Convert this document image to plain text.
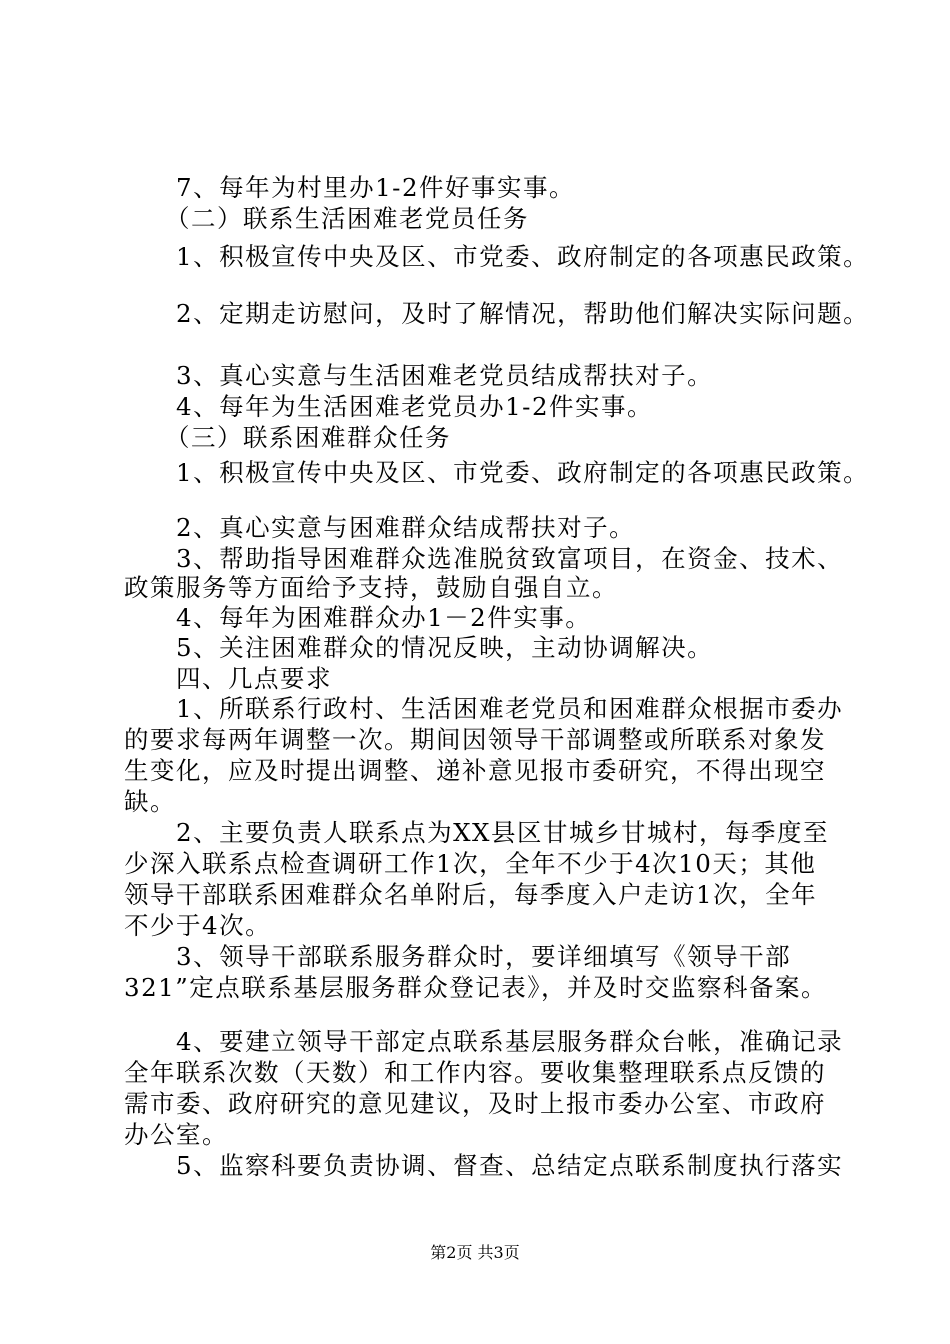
7、每年为村里办1-2件好事实事。
（二）联系生活困难老党员任务
1、积极宣传中央及区、市党委、政府制定的各项惠民政策。
2、定期走访慰问，及时了解情况，帮助他们解决实际问题。
3、真心实意与生活困难老党员结成帮扶对子。
4、每年为生活困难老党员办1-2件实事。
（三）联系困难群众任务
1、积极宣传中央及区、市党委、政府制定的各项惠民政策。
2、真心实意与困难群众结成帮扶对子。
3、帮助指导困难群众选准脱贫致富项目，在资金、技术、
政策服务等方面给予支持，鼓励自强自立。
4、每年为困难群众办1－2件实事。
5、关注困难群众的情况反映，主动协调解决。
四、几点要求
1、所联系行政村、生活困难老党员和困难群众根据市委办
的要求每两年调整一次。期间因领导干部调整或所联系对象发
生变化，应及时提出调整、递补意见报市委研究，不得出现空
缺。
2、主要负责人联系点为XX县区甘城乡甘城村，每季度至
少深入联系点检查调研工作1次，全年不少于4次10天；其他
领导干部联系困难群众名单附后，每季度入户走访1次，全年
不少于4次。
3、领导干部联系服务群众时，要详细填写《领导干部
321”定点联系基层服务群众登记表》，并及时交监察科备案。
4、要建立领导干部定点联系基层服务群众台帐，准确记录
全年联系次数（天数）和工作内容。要收集整理联系点反馈的
需市委、政府研究的意见建议，及时上报市委办公室、市政府
办公室。
5、监察科要负责协调、督查、总结定点联系制度执行落实
第2页 共3页
